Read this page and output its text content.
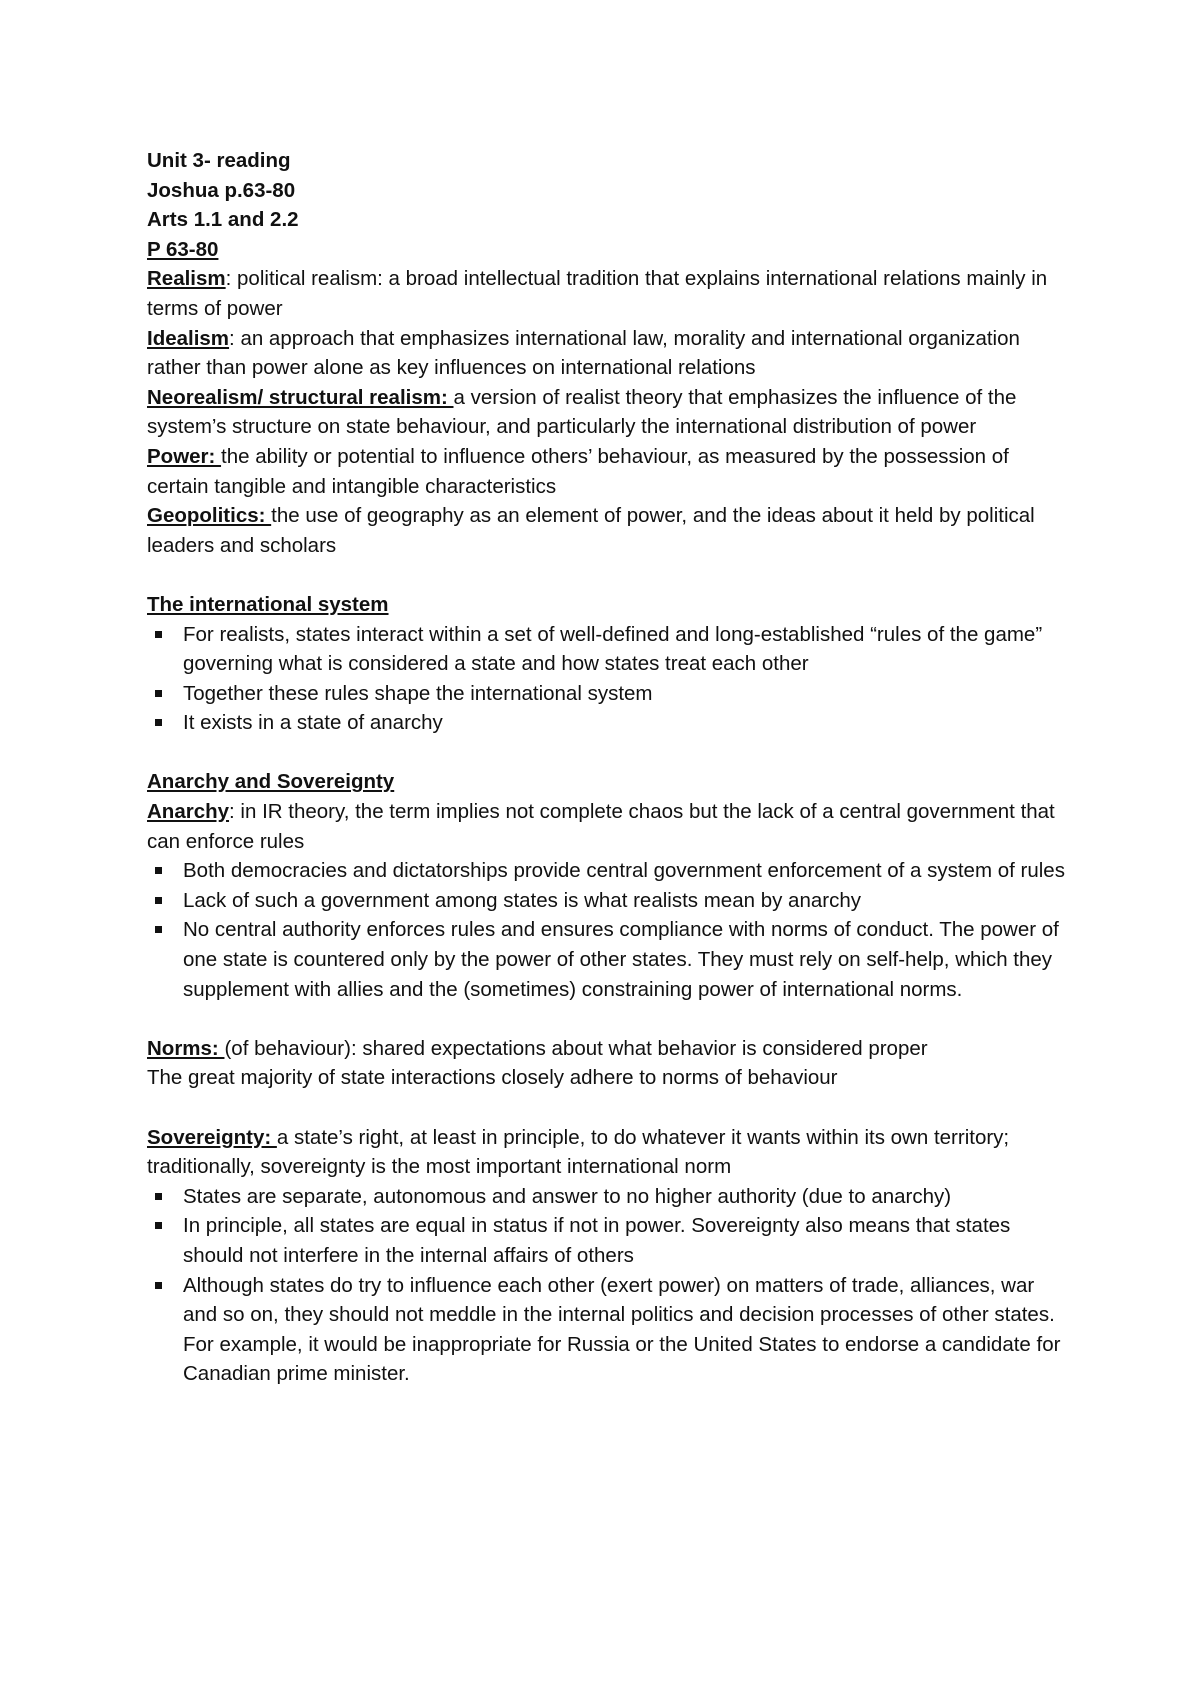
Unit 3- reading
Joshua p.63-80
Arts 1.1 and 2.2
P 63-80
Realism: political realism: a broad intellectual tradition that explains international relations mainly in terms of power
Idealism: an approach that emphasizes international law, morality and international organization rather than power alone as key influences on international relations
Neorealism/ structural realism: a version of realist theory that emphasizes the influence of the system’s structure on state behaviour, and particularly the international distribution of power
Power: the ability or potential to influence others’ behaviour, as measured by the possession of certain tangible and intangible characteristics
Geopolitics: the use of geography as an element of power, and the ideas about it held by political leaders and scholars
The international system
For realists, states interact within a set of well-defined and long-established “rules of the game” governing what is considered a state and how states treat each other
Together these rules shape the international system
It exists in a state of anarchy
Anarchy and Sovereignty
Anarchy: in IR theory, the term implies not complete chaos but the lack of a central government that can enforce rules
Both democracies and dictatorships provide central government enforcement of a system of rules
Lack of such a government among states is what realists mean by anarchy
No central authority enforces rules and ensures compliance with norms of conduct. The power of one state is countered only by the power of other states. They must rely on self-help, which they supplement with allies and the (sometimes) constraining power of international norms.
Norms: (of behaviour): shared expectations about what behavior is considered proper
The great majority of state interactions closely adhere to norms of behaviour
Sovereignty: a state’s right, at least in principle, to do whatever it wants within its own territory; traditionally, sovereignty is the most important international norm
States are separate, autonomous and answer to no higher authority (due to anarchy)
In principle, all states are equal in status if not in power. Sovereignty also means that states should not interfere in the internal affairs of others
Although states do try to influence each other (exert power) on matters of trade, alliances, war and so on, they should not meddle in the internal politics and decision processes of other states. For example, it would be inappropriate for Russia or the United States to endorse a candidate for Canadian prime minister.
